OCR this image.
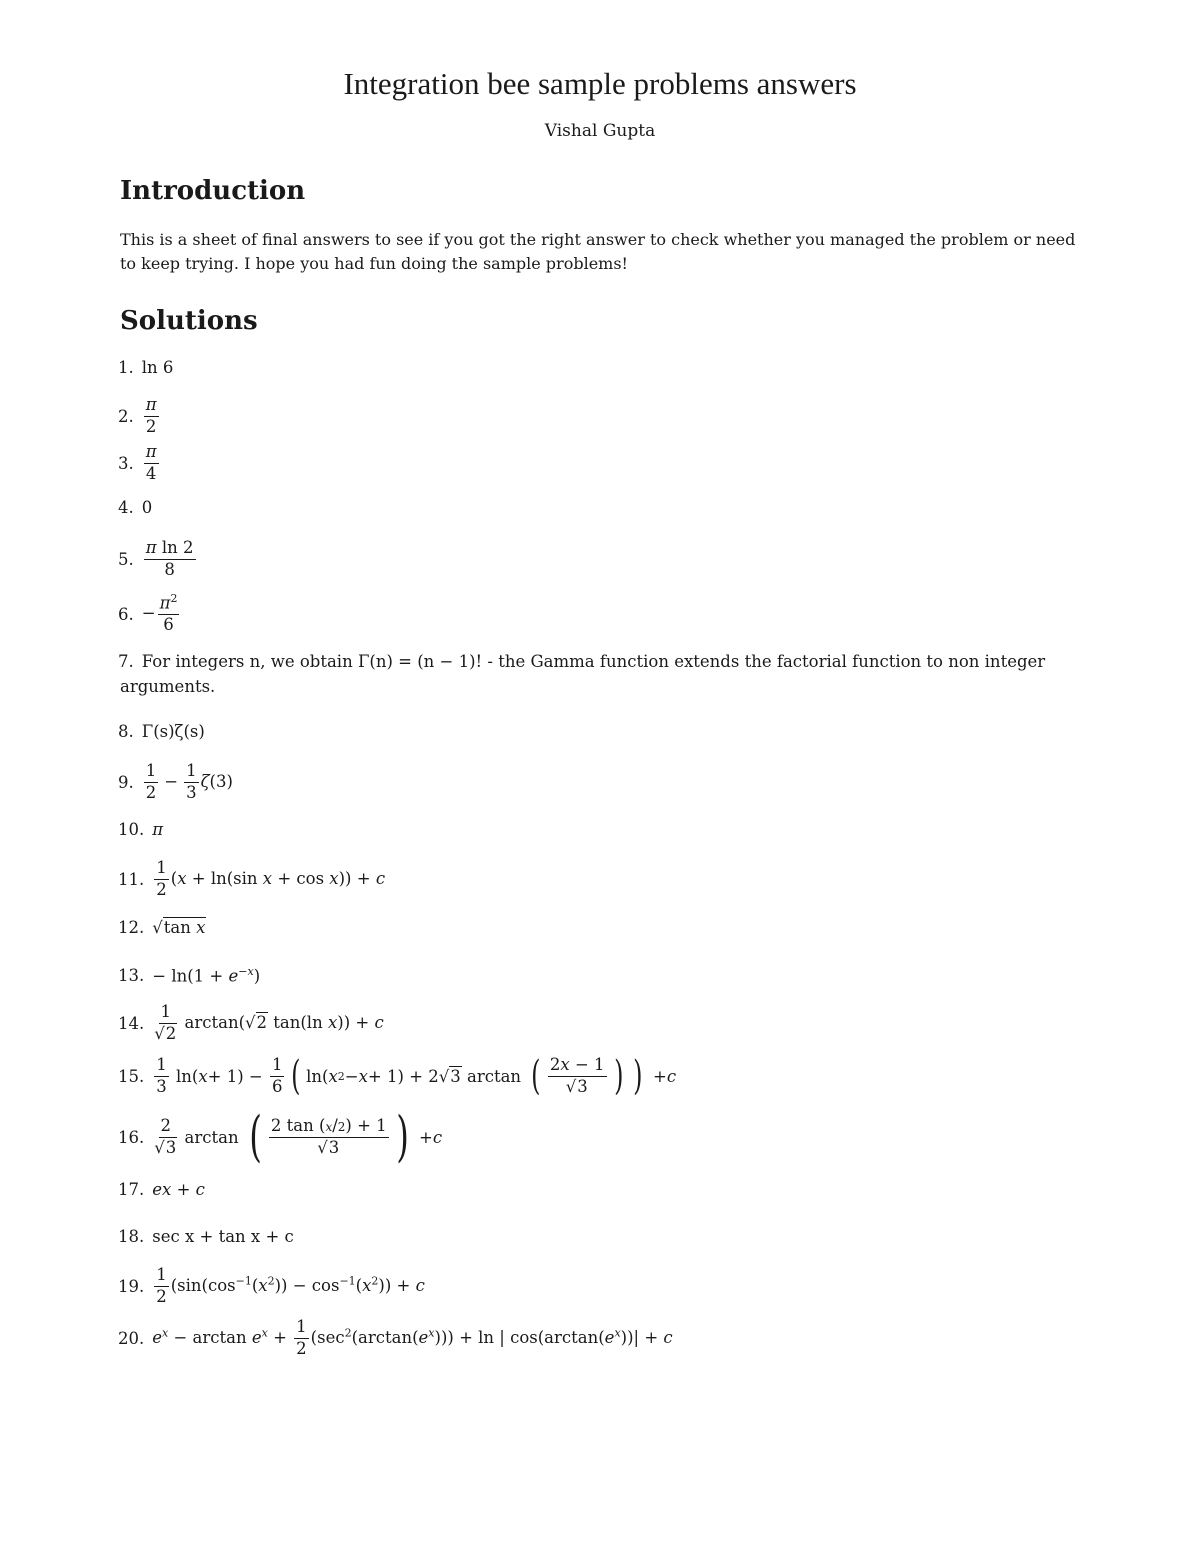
Integration bee sample problems answers
Vishal Gupta
Introduction
This is a sheet of final answers to see if you got the right answer to check whether you managed the problem or need to keep trying. I hope you had fun doing the sample problems!
Solutions
1. ln 6
2. $\frac{\pi}{2}$
3. $\frac{\pi}{4}$
4. 0
5. $\frac{\text{π ln 2}}{8}$
6. − $\frac{\pi^2}{6}$
7. For integers n, we obtain Γ(n) = (n − 1)! - the Gamma function extends the factorial function to non integer
arguments.
8. Γ(s)ζ(s)
9. $\frac{1}{2} - \frac{1}{3} \zeta(3)$
10. π
11. $\frac{1}{2} (x + \ln(\sin$ x + cos x)) + c
12. √tan x
13. − $\ln(1 + e^{-x})$
14. $\frac{1}{√2} \arctan(√2$ tan(ln x)) + c
15. $\frac{1}{3} \ln$( $x + 1) - \frac{1}{6}$ ( ln( x 2 − x + 1) + 2√ 3 arctan ( $\frac{2x - 1}{√3}$ ) ) + c
16. $\frac{2}{√3}$ arctan ( $\frac{2 \tan (x/2) + 1}{√3}$ ) + c
17. ex + c
18. sec x + tan x + c
19. $\frac{1}{2} (\sin(\cos^{-1}(x^2)) - \cos^{-1}(x^2)) + c$
20. $e^x - \arctan e^x + \frac{1}{2} (\sec^2(\arctan(e^x))) + \ln$ | $\cos(\arctan(e^x))| + c$
